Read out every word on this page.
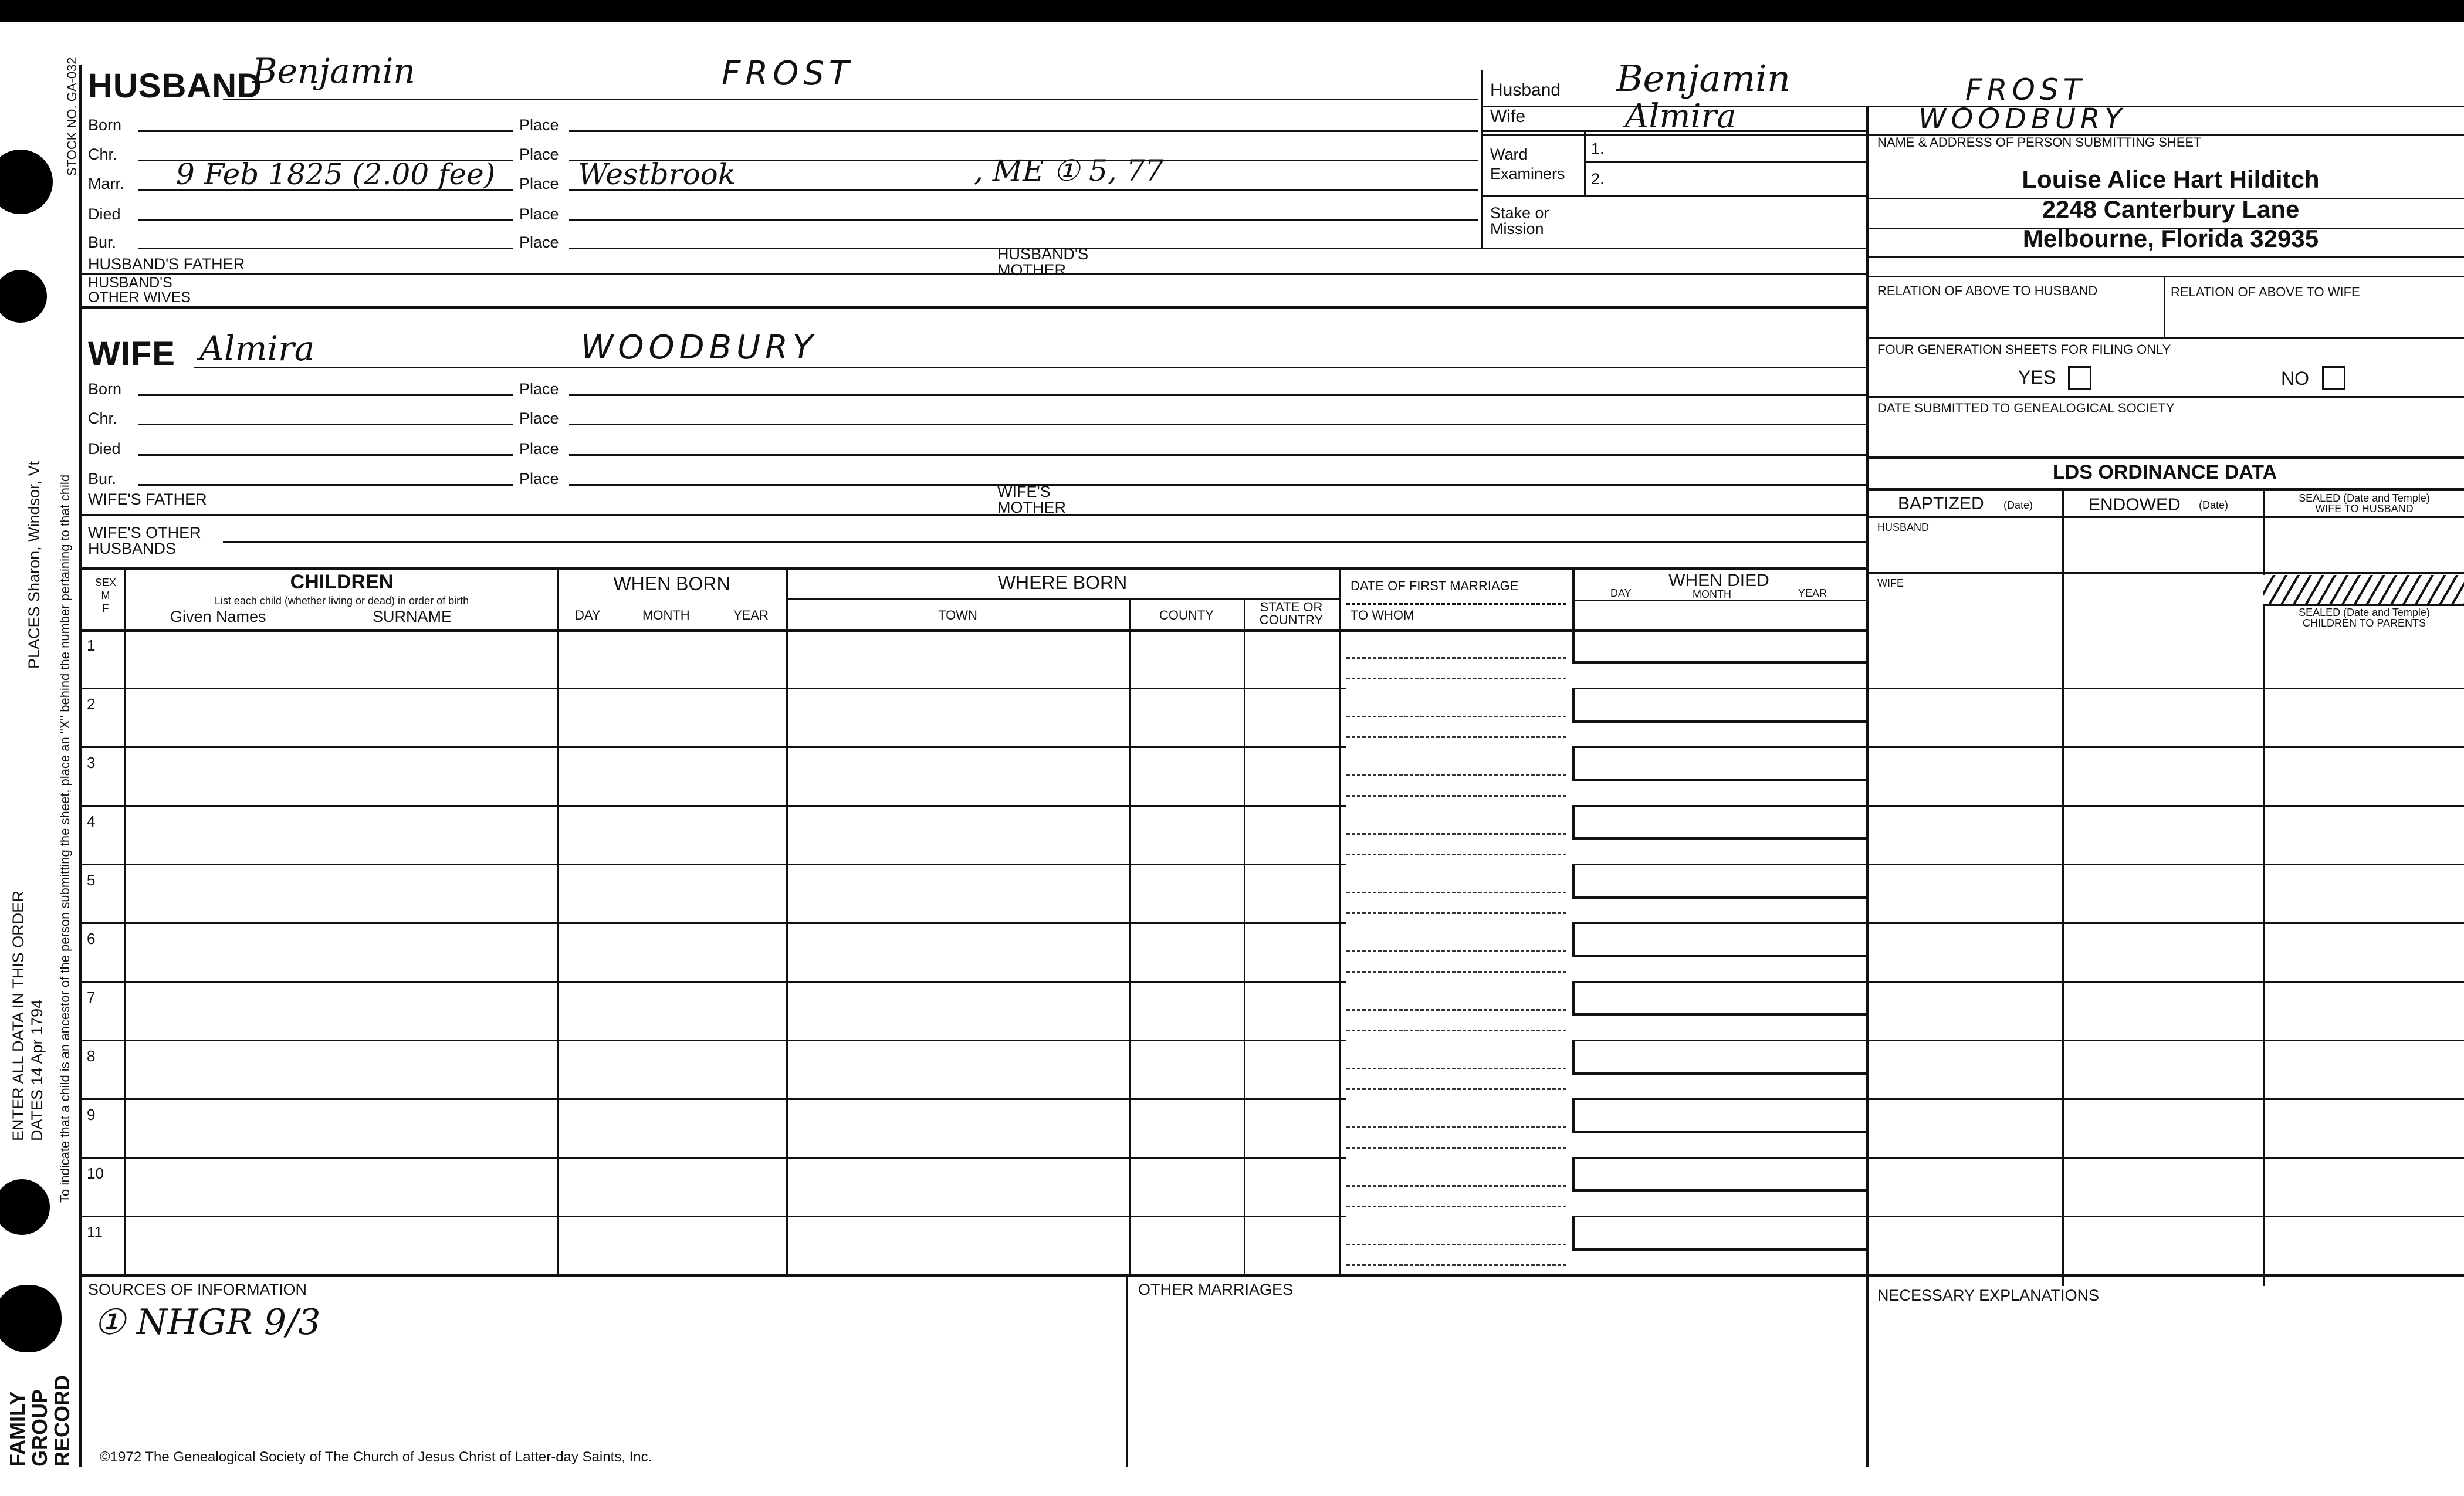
STOCK NO. GA-032
To indicate that a child is an ancestor of the person submitting the sheet, place an "X" behind the number pertaining to that child
PLACES Sharon, Windsor, Vt
ENTER ALL DATA IN THIS ORDER DATES 14 Apr 1794
FAMILY
GROUP
RECORD
HUSBAND
Benjamin	FROST
Born	Place
Chr.	Place
Marr. 9 Feb 1825 (2.00 fee) Place Westbrook	, ME ① 5, 77
Died	Place
Bur.	Place
HUSBAND'S FATHER
HUSBAND'S
MOTHER
HUSBAND'S
OTHER WIVES
WIFE Almira	WOODBURY
Born	Place
Chr.	Place
Died	Place
Bur.	Place
WIFE'S FATHER	WIFE'S
MOTHER
WIFE'S OTHER
HUSBANDS
Husband Benjamin	FROST
Wife	Almira	WOODBURY
Ward
Examiners
1.
2.
Stake or
Mission
NAME & ADDRESS OF PERSON SUBMITTING SHEET
Louise Alice Hart Hilditch
2248 Canterbury Lane
Melbourne, Florida 32935
RELATION OF ABOVE TO HUSBAND	RELATION OF ABOVE TO WIFE
FOUR GENERATION SHEETS FOR FILING ONLY
YES	NO
DATE SUBMITTED TO GENEALOGICAL SOCIETY
LDS ORDINANCE DATA
BAPTIZED (Date)	ENDOWED (Date)
SEALED (Date and Temple)
WIFE TO HUSBAND
HUSBAND
WIFE
SEALED (Date and Temple)
CHILDREN TO PARENTS
SEX
M
F
CHILDREN
List each child (whether living or dead) in order of birth
Given Names	SURNAME
WHEN BORN
DAY	MONTH	YEAR
WHERE BORN
TOWN	COUNTY
STATE OR
COUNTRY
DATE OF FIRST MARRIAGE
TO WHOM
WHEN DIED
DAY	MONTH	YEAR
1
2
3
4
5
6
7
8
9
10
11
SOURCES OF INFORMATION
① NHGR 9/3
OTHER MARRIAGES	NECESSARY EXPLANATIONS
©1972 The Genealogical Society of The Church of Jesus Christ of Latter-day Saints, Inc.
